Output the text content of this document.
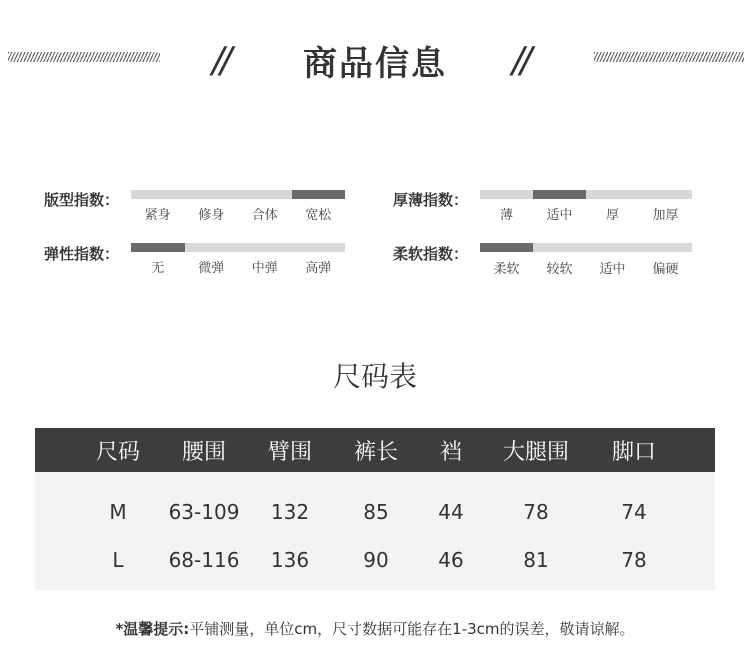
//	商品信息	//
版型指数：
紧身	修身	合体	宽松
弹性指数：
无	微弹	中弹	高弹
厚薄指数：
薄	适中	厚	加厚
柔软指数：
柔软	较软	适中	偏硬
尺码表
尺码	腰围	臂围	裤长	裆	大腿围	脚口
M	63-109	132	85	44	78	74
L	68-116	136	90	46	81	78
*温馨提示:平铺测量，单位cm，尺寸数据可能存在1-3cm的误差，敬请谅解。
